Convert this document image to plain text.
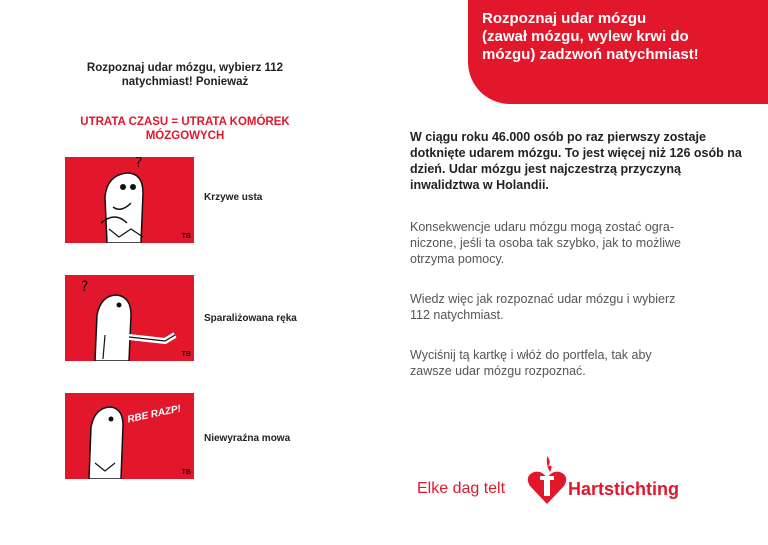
Rozpoznaj udar mózgu
(zawał mózgu, wylew krwi do
mózgu) zadzwoń natychmiast!
Rozpoznaj udar mózgu, wybierz 112
natychmiast! Ponieważ
UTRATA CZASU = UTRATA KOMÓREK
MÓZGOWYCH
?
TB
Krzywe usta
?
TB
Sparaliżowana ręka
RBE RAZP!
TB
Niewyraźna mowa
W ciągu roku 46.000 osób po raz pierwszy zostaje dotknięte udarem mózgu. To jest więcej niż 126 osób na dzień. Udar mózgu jest najczestrzą przyczyną inwalidztwa w Holandii.
Konsekwencje udaru mózgu mogą zostać ogra-
niczone, jeśli ta osoba tak szybko, jak to możliwe
otrzyma pomocy.
Wiedz więc jak rozpoznać udar mózgu i wybierz
112 natychmiast.
Wyciśnij tą kartkę i włóż do portfela, tak aby
zawsze udar mózgu rozpoznać.
Elke dag telt	Hartstichting
